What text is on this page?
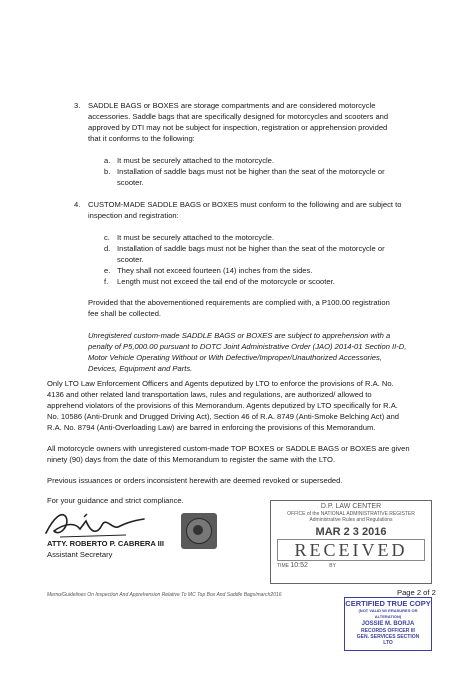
3. SADDLE BAGS or BOXES are storage compartments and are considered motorcycle
accessories. Saddle bags that are specifically designed for motorcycles and scooters and
approved by DTI may not be subject for inspection, registration or apprehension provided
that it conforms to the following:
a. It must be securely attached to the motorcycle.
b. Installation of saddle bags must not be higher than the seat of the motorcycle or
scooter.
4. CUSTOM-MADE SADDLE BAGS or BOXES must conform to the following and are subject to
inspection and registration:
c. It must be securely attached to the motorcycle.
d. Installation of saddle bags must not be higher than the seat of the motorcycle or
scooter.
e. They shall not exceed fourteen (14) inches from the sides.
f. Length must not exceed the tail end of the motorcycle or scooter.
Provided that the abovementioned requirements are complied with, a P100.00 registration
fee shall be collected.
Unregistered custom-made SADDLE BAGS or BOXES are subject to apprehension with a
penalty of P5,000.00 pursuant to DOTC Joint Administrative Order (JAO) 2014-01 Section II-D,
Motor Vehicle Operating Without or With Defective/Improper/Unauthorized Accessories,
Devices, Equipment and Parts.
Only LTO Law Enforcement Officers and Agents deputized by LTO to enforce the provisions of R.A. No.
4136 and other related land transportation laws, rules and regulations, are authorized/ allowed to
apprehend violators of the provisions of this Memorandum. Agents deputized by LTO specifically for R.A.
No. 10586 (Anti-Drunk and Drugged Driving Act), Section 46 of R.A. 8749 (Anti-Smoke Belching Act) and
R.A. No. 8794 (Anti-Overloading Law) are barred in enforcing the provisions of this Memorandum.
All motorcycle owners with unregistered custom-made TOP BOXES or SADDLE BAGS or BOXES are given
ninety (90) days from the date of this Memorandum to register the same with the LTO.
Previous issuances or orders inconsistent herewith are deemed revoked or superseded.
For your guidance and strict compliance.
ATTY. ROBERTO P. CABRERA III
Assistant Secretary
D.P. LAW CENTER
OFFICE of the NATIONAL ADMINISTRATIVE REGISTER
Administrative Rules and Regulations
MAR 2 3 2016
RECEIVED
TIME 10:52	BY
Memo/Guidelines On Inspection And Apprehension Relative To MC Top Box And Saddle Bags/march2016	Page 2 of 2
CERTIFIED TRUE COPY
(NOT VALID W/ ERASURES OR ALTERATION)
JOSSIE M. BORJA
RECORDS OFFICER III
GEN. SERVICES SECTION
LTO
